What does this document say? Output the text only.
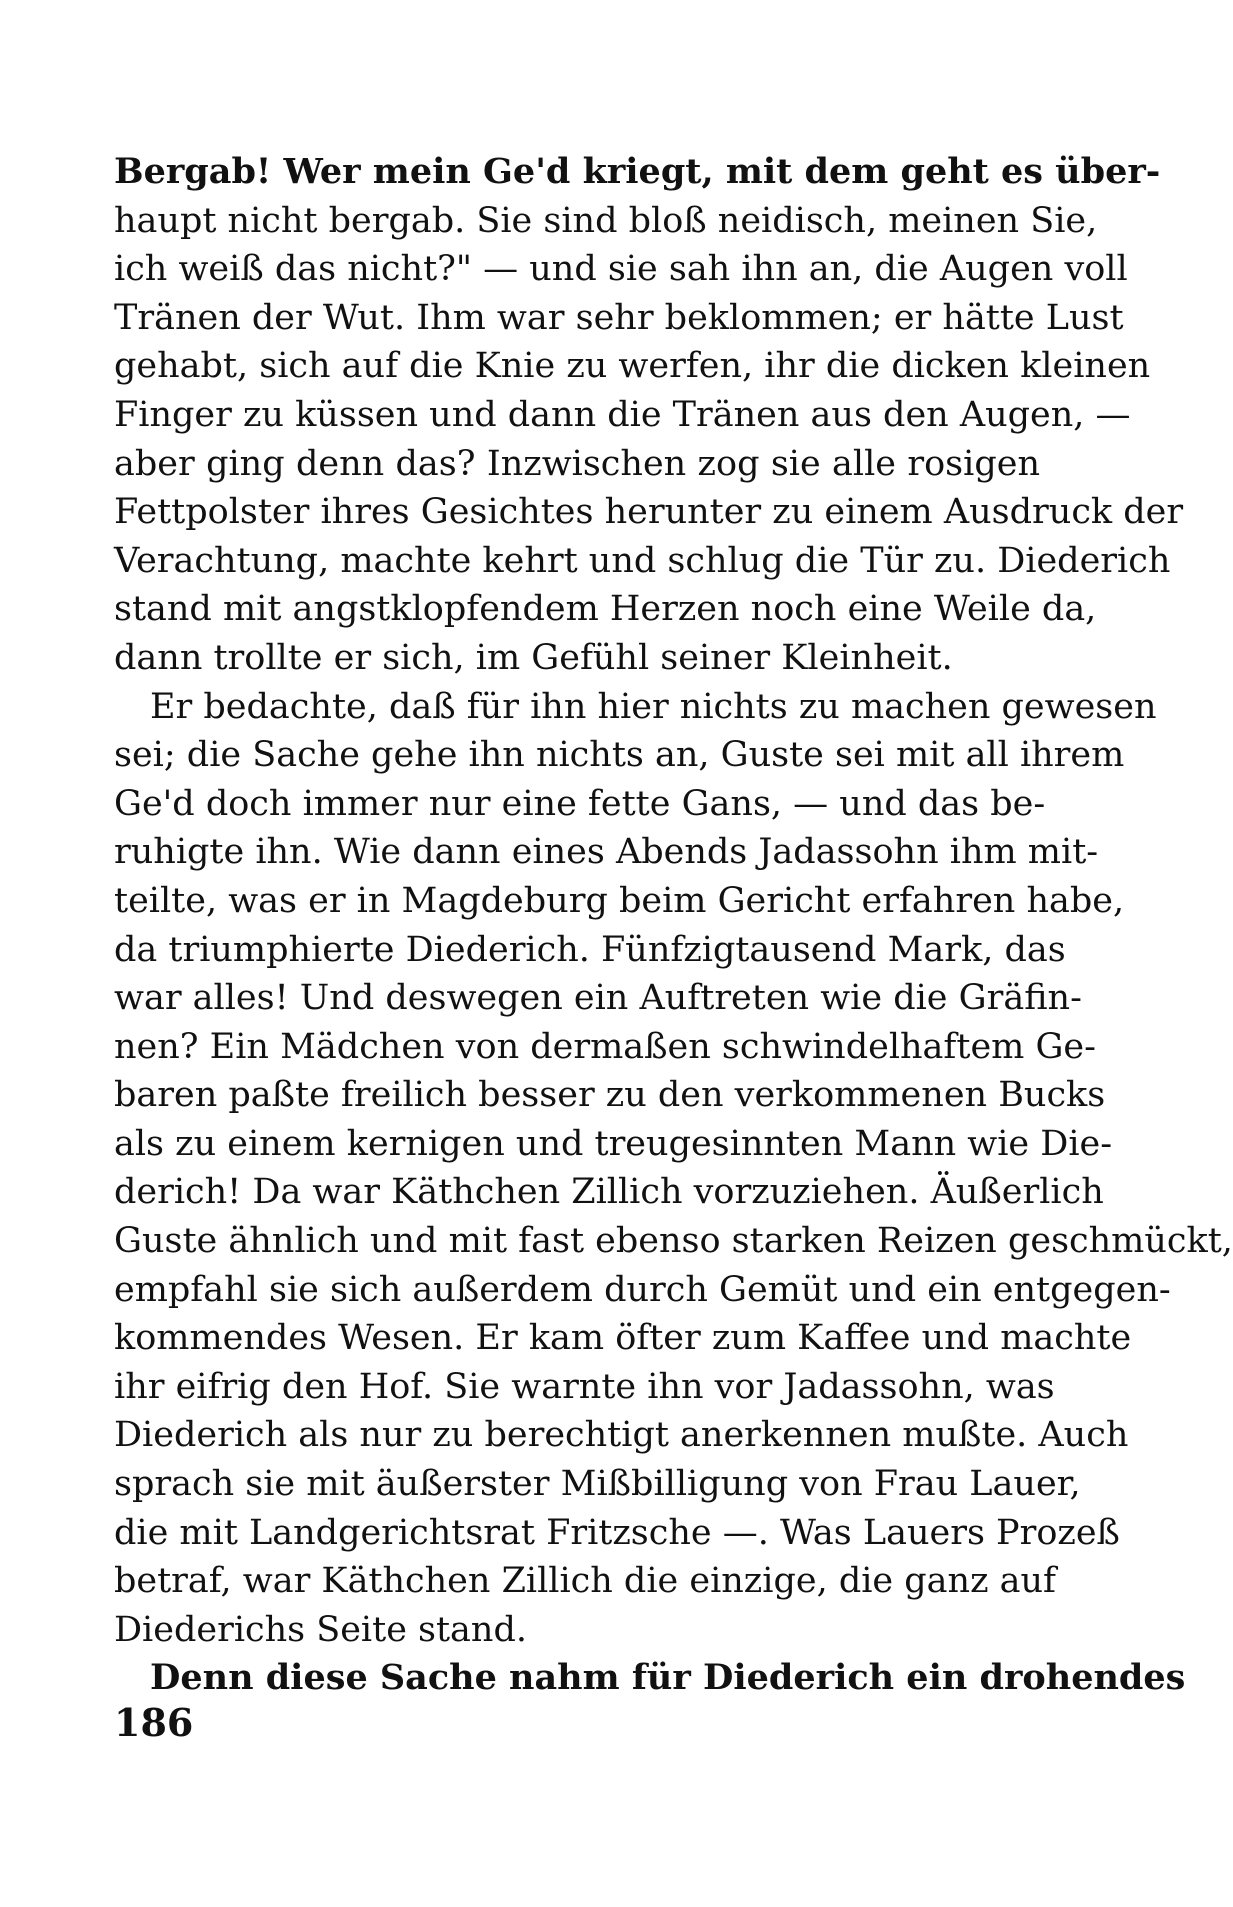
Bergab! Wer mein Ge'd kriegt, mit dem geht es über-
haupt nicht bergab. Sie sind bloß neidisch, meinen Sie,
ich weiß das nicht?" — und sie sah ihn an, die Augen voll
Tränen der Wut. Ihm war sehr beklommen; er hätte Lust
gehabt, sich auf die Knie zu werfen, ihr die dicken kleinen
Finger zu küssen und dann die Tränen aus den Augen, —
aber ging denn das? Inzwischen zog sie alle rosigen
Fettpolster ihres Gesichtes herunter zu einem Ausdruck der
Verachtung, machte kehrt und schlug die Tür zu. Diederich
stand mit angstklopfendem Herzen noch eine Weile da,
dann trollte er sich, im Gefühl seiner Kleinheit.
Er bedachte, daß für ihn hier nichts zu machen gewesen
sei; die Sache gehe ihn nichts an, Guste sei mit all ihrem
Ge'd doch immer nur eine fette Gans, — und das be-
ruhigte ihn. Wie dann eines Abends Jadassohn ihm mit-
teilte, was er in Magdeburg beim Gericht erfahren habe,
da triumphierte Diederich. Fünfzigtausend Mark, das
war alles! Und deswegen ein Auftreten wie die Gräfin-
nen? Ein Mädchen von dermaßen schwindelhaftem Ge-
baren paßte freilich besser zu den verkommenen Bucks
als zu einem kernigen und treugesinnten Mann wie Die-
derich! Da war Käthchen Zillich vorzuziehen. Äußerlich
Guste ähnlich und mit fast ebenso starken Reizen geschmückt,
empfahl sie sich außerdem durch Gemüt und ein entgegen-
kommendes Wesen. Er kam öfter zum Kaffee und machte
ihr eifrig den Hof. Sie warnte ihn vor Jadassohn, was
Diederich als nur zu berechtigt anerkennen mußte. Auch
sprach sie mit äußerster Mißbilligung von Frau Lauer,
die mit Landgerichtsrat Fritzsche —. Was Lauers Prozeß
betraf, war Käthchen Zillich die einzige, die ganz auf
Diederichs Seite stand.
Denn diese Sache nahm für Diederich ein drohendes
186
